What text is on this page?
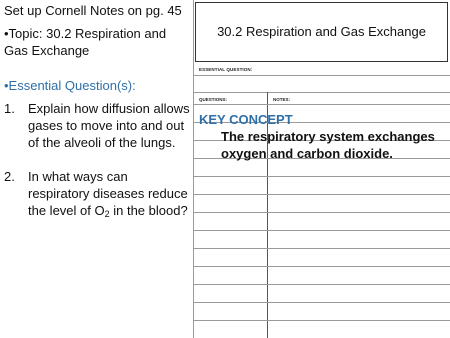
Set up Cornell Notes on pg. 45

•Topic: 30.2 Respiration and Gas Exchange

•Essential Question(s):

1. Explain how diffusion allows gases to move into and out of the alveoli of the lungs.
2. In what ways can respiratory diseases reduce the level of $O_2$ in the blood?
ESSENTIAL QUESTION:
QUESTIONS:	NOTES:
30.2 Respiration and Gas Exchange

KEY CONCEPT

The respiratory system exchanges oxygen and carbon dioxide.
